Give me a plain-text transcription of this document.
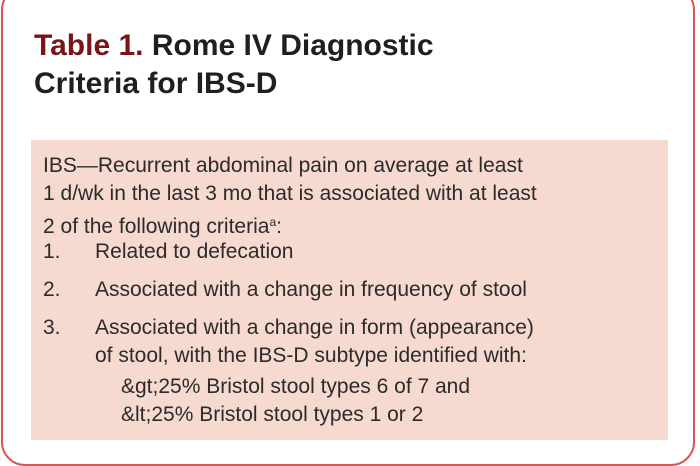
Table 1. Rome IV Diagnostic
Criteria for IBS-D
IBS—Recurrent abdominal pain on average at least
1 d/wk in the last 3 mo that is associated with at least
2 of the following criteria$^a$:
1. Related to defecation
2. Associated with a change in frequency of stool
3. Associated with a change in form (appearance)
of stool, with the IBS-D subtype identified with:
&gt;25% Bristol stool types 6 of 7 and
&lt;25% Bristol stool types 1 or 2
